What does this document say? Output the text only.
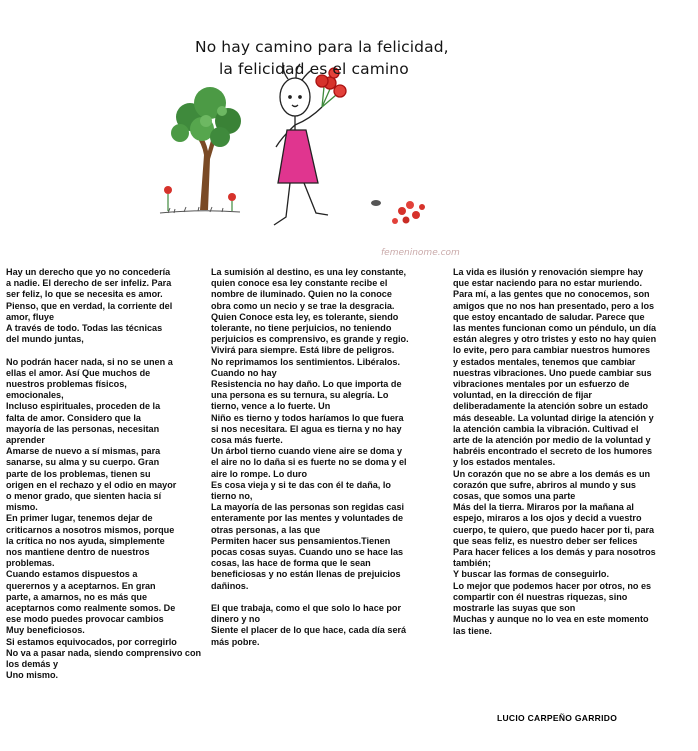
No hay camino para la felicidad,
la felicidad es el camino
femeninome.com

Hay un derecho que yo no concedería

a nadie. El derecho de ser infeliz. Para

ser feliz, lo que se necesita es amor.

Pienso, que en verdad, la corriente del

amor, fluye

A través de todo. Todas las técnicas

del mundo juntas,

No podrán hacer nada, si no se unen a

ellas el amor. Así Que muchos de

nuestros problemas físicos,

emocionales,

Incluso espirituales, proceden de la

falta de amor. Considero que la

mayoría de las personas, necesitan

aprender

Amarse de nuevo a sí mismas, para

sanarse, su alma y su cuerpo. Gran

parte de los problemas, tienen su

origen en el rechazo y el odio en mayor

o menor grado, que sienten hacia sí

mismo.

En primer lugar, tenemos dejar de

criticarnos a nosotros mismos, porque

la crítica no nos ayuda, simplemente

nos mantiene dentro de nuestros

problemas.

Cuando estamos dispuestos a

querernos y a aceptarnos. En gran

parte, a amarnos, no es más que

aceptarnos como realmente somos. De

ese modo puedes provocar cambios

Muy beneficiosos.

Si estamos equivocados, por corregirlo

No va a pasar nada, siendo comprensivo con

los demás y

Uno mismo.

La sumisión al destino, es una ley constante,

quien conoce esa ley constante recibe el

nombre de iluminado. Quien no la conoce

obra como un necio y se trae la desgracia.

Quien Conoce esta ley, es tolerante, siendo

tolerante, no tiene perjuicios, no teniendo

perjuicios es comprensivo, es grande y regio.

Vivirá para siempre. Está libre de peligros.

No reprimamos los sentimientos. Libéralos.

Cuando no hay

Resistencia no hay daño. Lo que importa de

una persona es su ternura, su alegría. Lo

tierno, vence a lo fuerte. Un

Niño es tierno y todos haríamos lo que fuera

si nos necesitara. El agua es tierna y no hay

cosa más fuerte.

Un árbol tierno cuando viene aire se doma y

el aire no lo daña si es fuerte no se doma y el

aire lo rompe. Lo duro

Es cosa vieja y si te das con él te daña, lo

tierno no,

La mayoría de las personas son regidas casi

enteramente por las mentes y voluntades de

otras personas, a las que

Permiten hacer sus pensamientos.Tienen

pocas cosas suyas. Cuando uno se hace las

cosas, las hace de forma que le sean

beneficiosas y no están llenas de prejuicios

dañinos.

El que trabaja, como el que solo lo hace por

dinero y no

Siente el placer de lo que hace, cada día será

más pobre.

La vida es ilusión y renovación siempre hay

que estar naciendo para no estar muriendo.

Para mí, a las gentes que no conocemos, son

amigos que no nos han presentado, pero a los

que estoy encantado de saludar. Parece que

las mentes funcionan como un péndulo, un día

están alegres y otro tristes y esto no hay quien

lo evite, pero para cambiar nuestros humores

y estados mentales, tenemos que cambiar

nuestras vibraciones. Uno puede cambiar sus

vibraciones mentales por un esfuerzo de

voluntad, en la dirección de fijar

deliberadamente la atención sobre un estado

más deseable. La voluntad dirige la atención y

la atención cambia la vibración. Cultivad el

arte de la atención por medio de la voluntad y

habréis encontrado el secreto de los humores

y los estados mentales.

Un corazón que no se abre a los demás es un

corazón que sufre, abriros al mundo y sus

cosas, que somos una parte

Más del la tierra. Miraros por la mañana al

espejo, miraros a los ojos y decid a vuestro

cuerpo, te quiero, que puedo hacer por ti, para

que seas feliz, es nuestro deber ser felices

Para hacer felices a los demás y para nosotros

también;

Y buscar las formas de conseguirlo.

Lo mejor que podemos hacer por otros, no es

compartir con él nuestras riquezas, sino

mostrarle las suyas que son

Muchas y aunque no lo vea en este momento

las tiene.

LUCIO CARPEÑO GARRIDO
